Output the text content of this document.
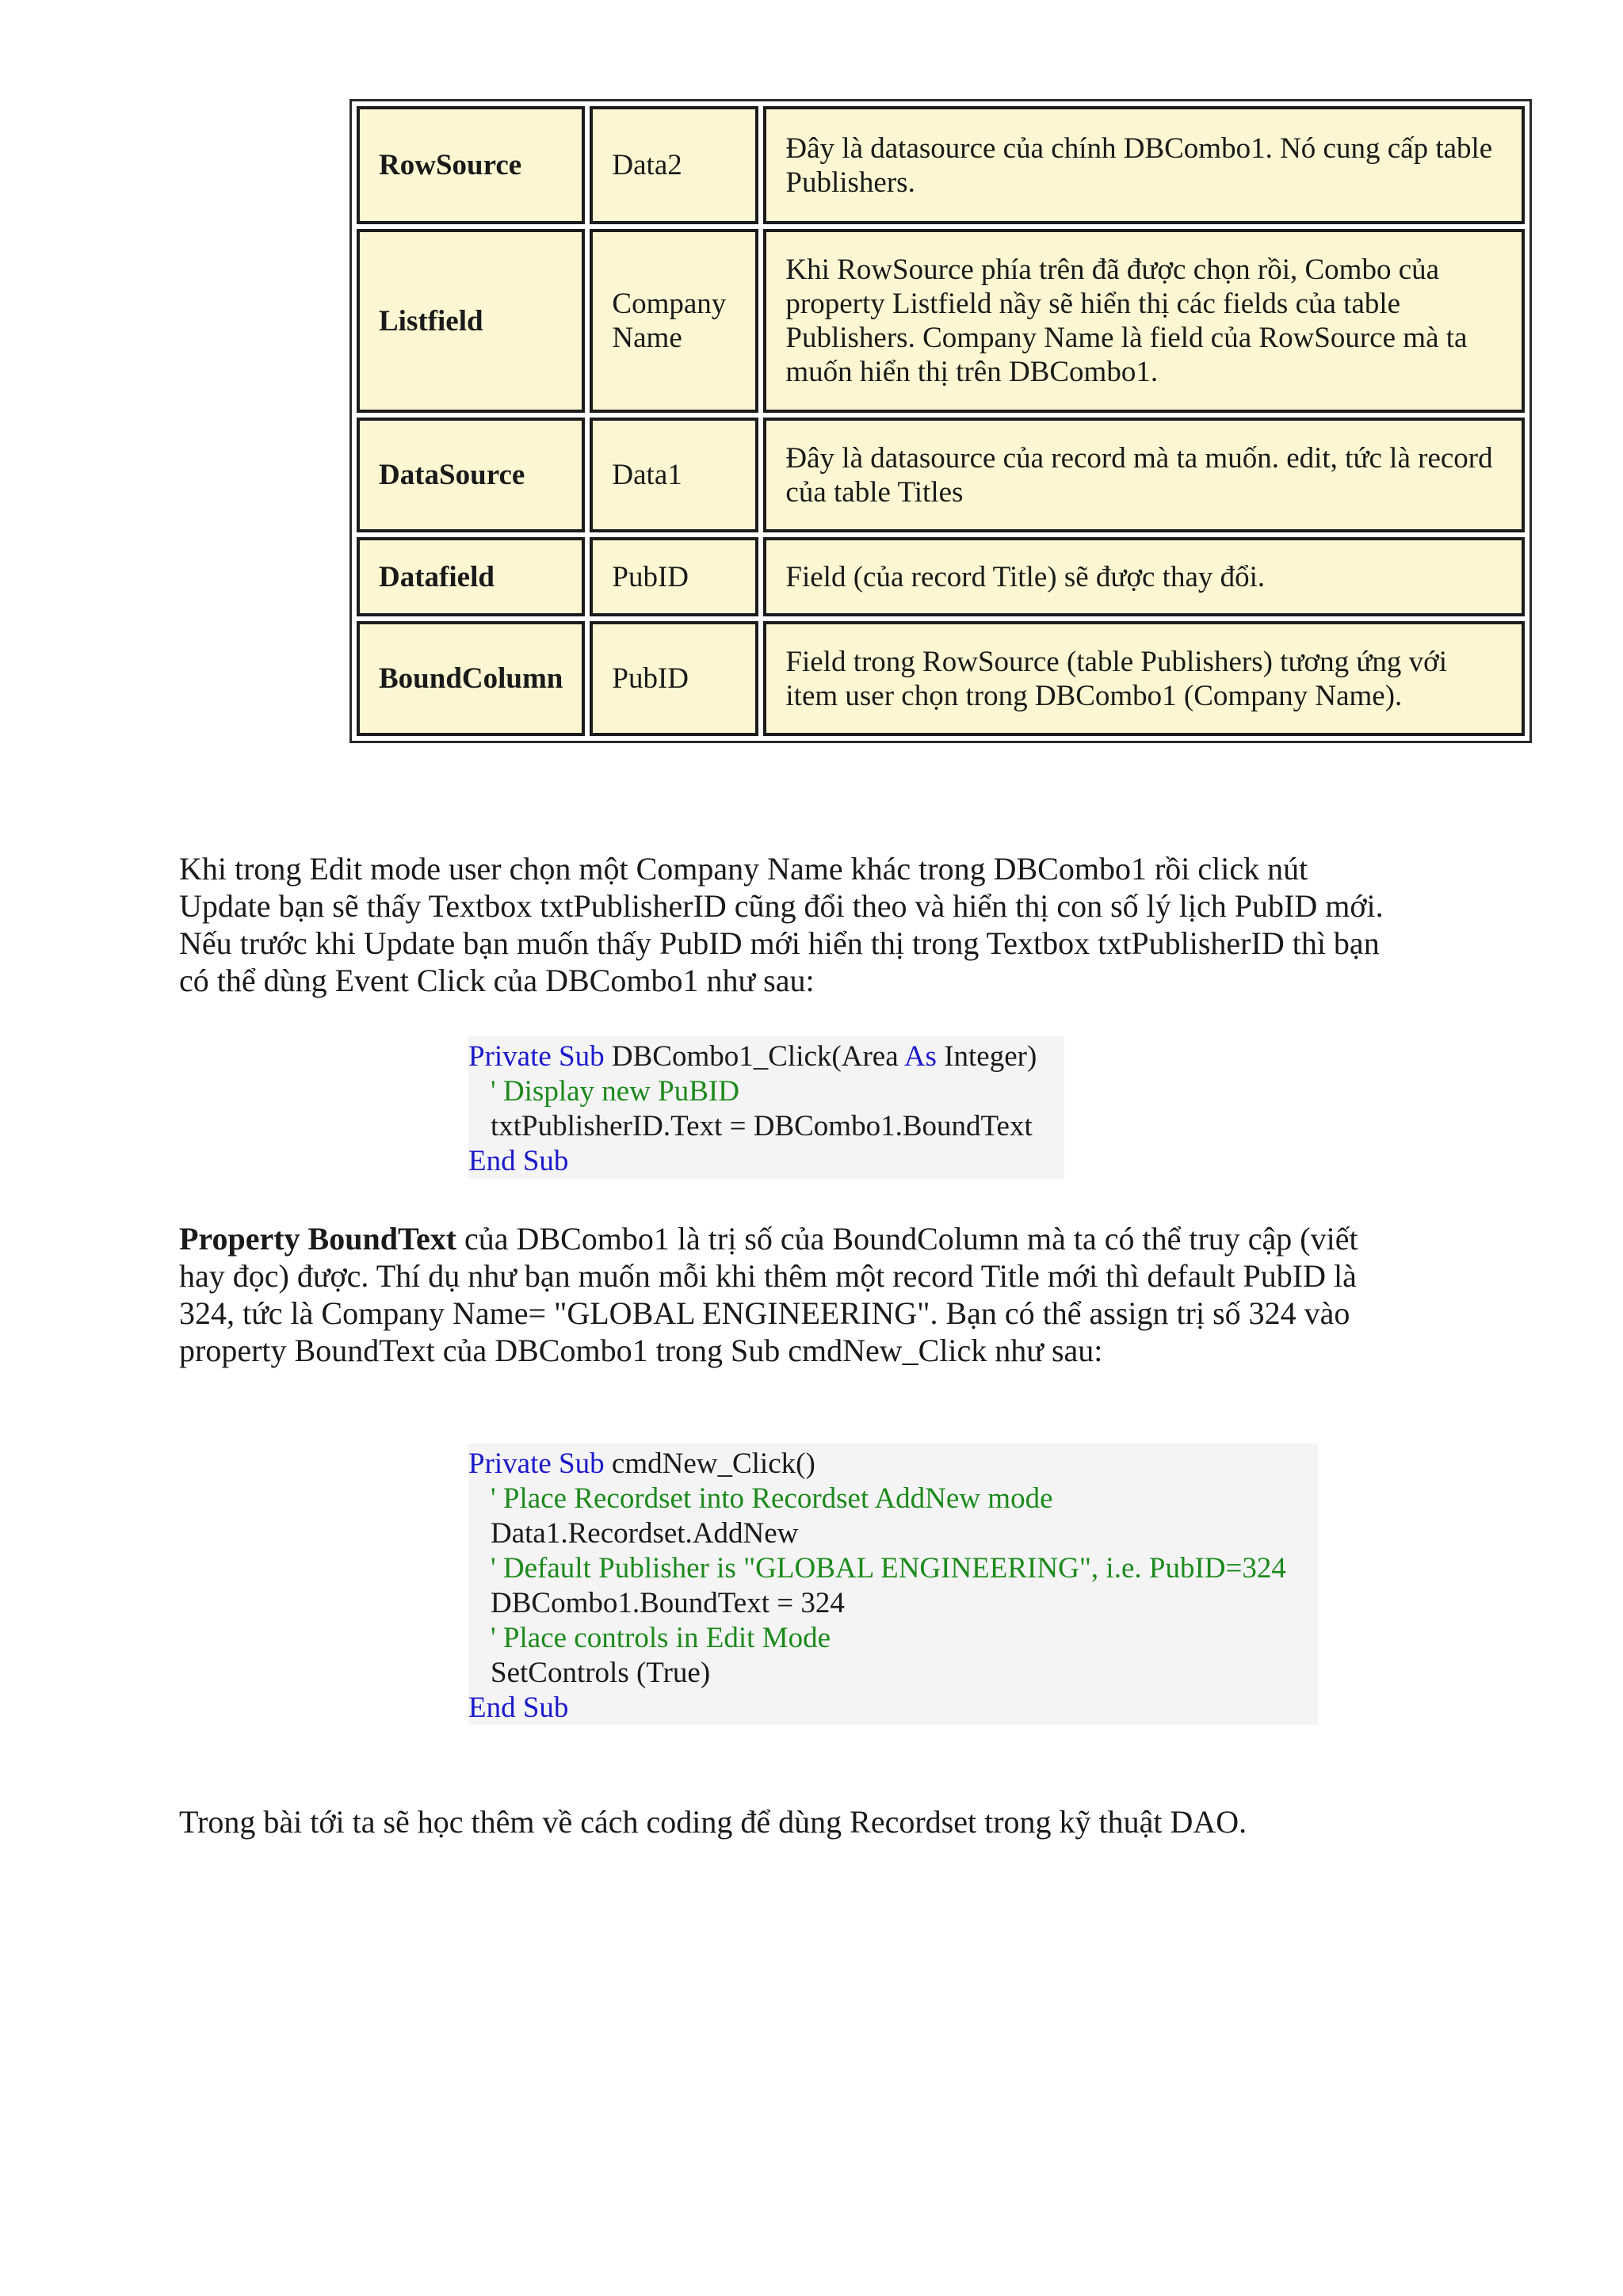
RowSource	Data2	Đây là datasource của chính DBCombo1. Nó cung cấp table Publishers.
Listfield	Company Name	Khi RowSource phía trên đã được chọn rồi, Combo của property Listfield nầy sẽ hiển thị các fields của table Publishers. Company Name là field của RowSource mà ta muốn hiển thị trên DBCombo1.
DataSource	Data1	Đây là datasource của record mà ta muốn. edit, tức là record của table Titles
Datafield	PubID	Field (của record Title) sẽ được thay đổi.
BoundColumn	PubID	Field trong RowSource (table Publishers) tương ứng với item user chọn trong DBCombo1 (Company Name).

Khi trong Edit mode user chọn một Company Name khác trong DBCombo1 rồi click nút Update bạn sẽ thấy Textbox txtPublisherID cũng đổi theo và hiển thị con số lý lịch PubID mới. Nếu trước khi Update bạn muốn thấy PubID mới hiển thị trong Textbox txtPublisherID thì bạn có thể dùng Event Click của DBCombo1 như sau:

Private Sub DBCombo1_Click(Area As Integer)
' Display new PuBID
txtPublisherID.Text = DBCombo1.BoundText
End Sub

Property BoundText của DBCombo1 là trị số của BoundColumn mà ta có thể truy cập (viết hay đọc) được. Thí dụ như bạn muốn mỗi khi thêm một record Title mới thì default PubID là 324, tức là Company Name= "GLOBAL ENGINEERING". Bạn có thể assign trị số 324 vào property BoundText của DBCombo1 trong Sub cmdNew_Click như sau:

Private Sub cmdNew_Click()
' Place Recordset into Recordset AddNew mode
Data1.Recordset.AddNew
' Default Publisher is "GLOBAL ENGINEERING", i.e. PubID=324
DBCombo1.BoundText = 324
' Place controls in Edit Mode
SetControls (True)
End Sub

Trong bài tới ta sẽ học thêm về cách coding để dùng Recordset trong kỹ thuật DAO.
